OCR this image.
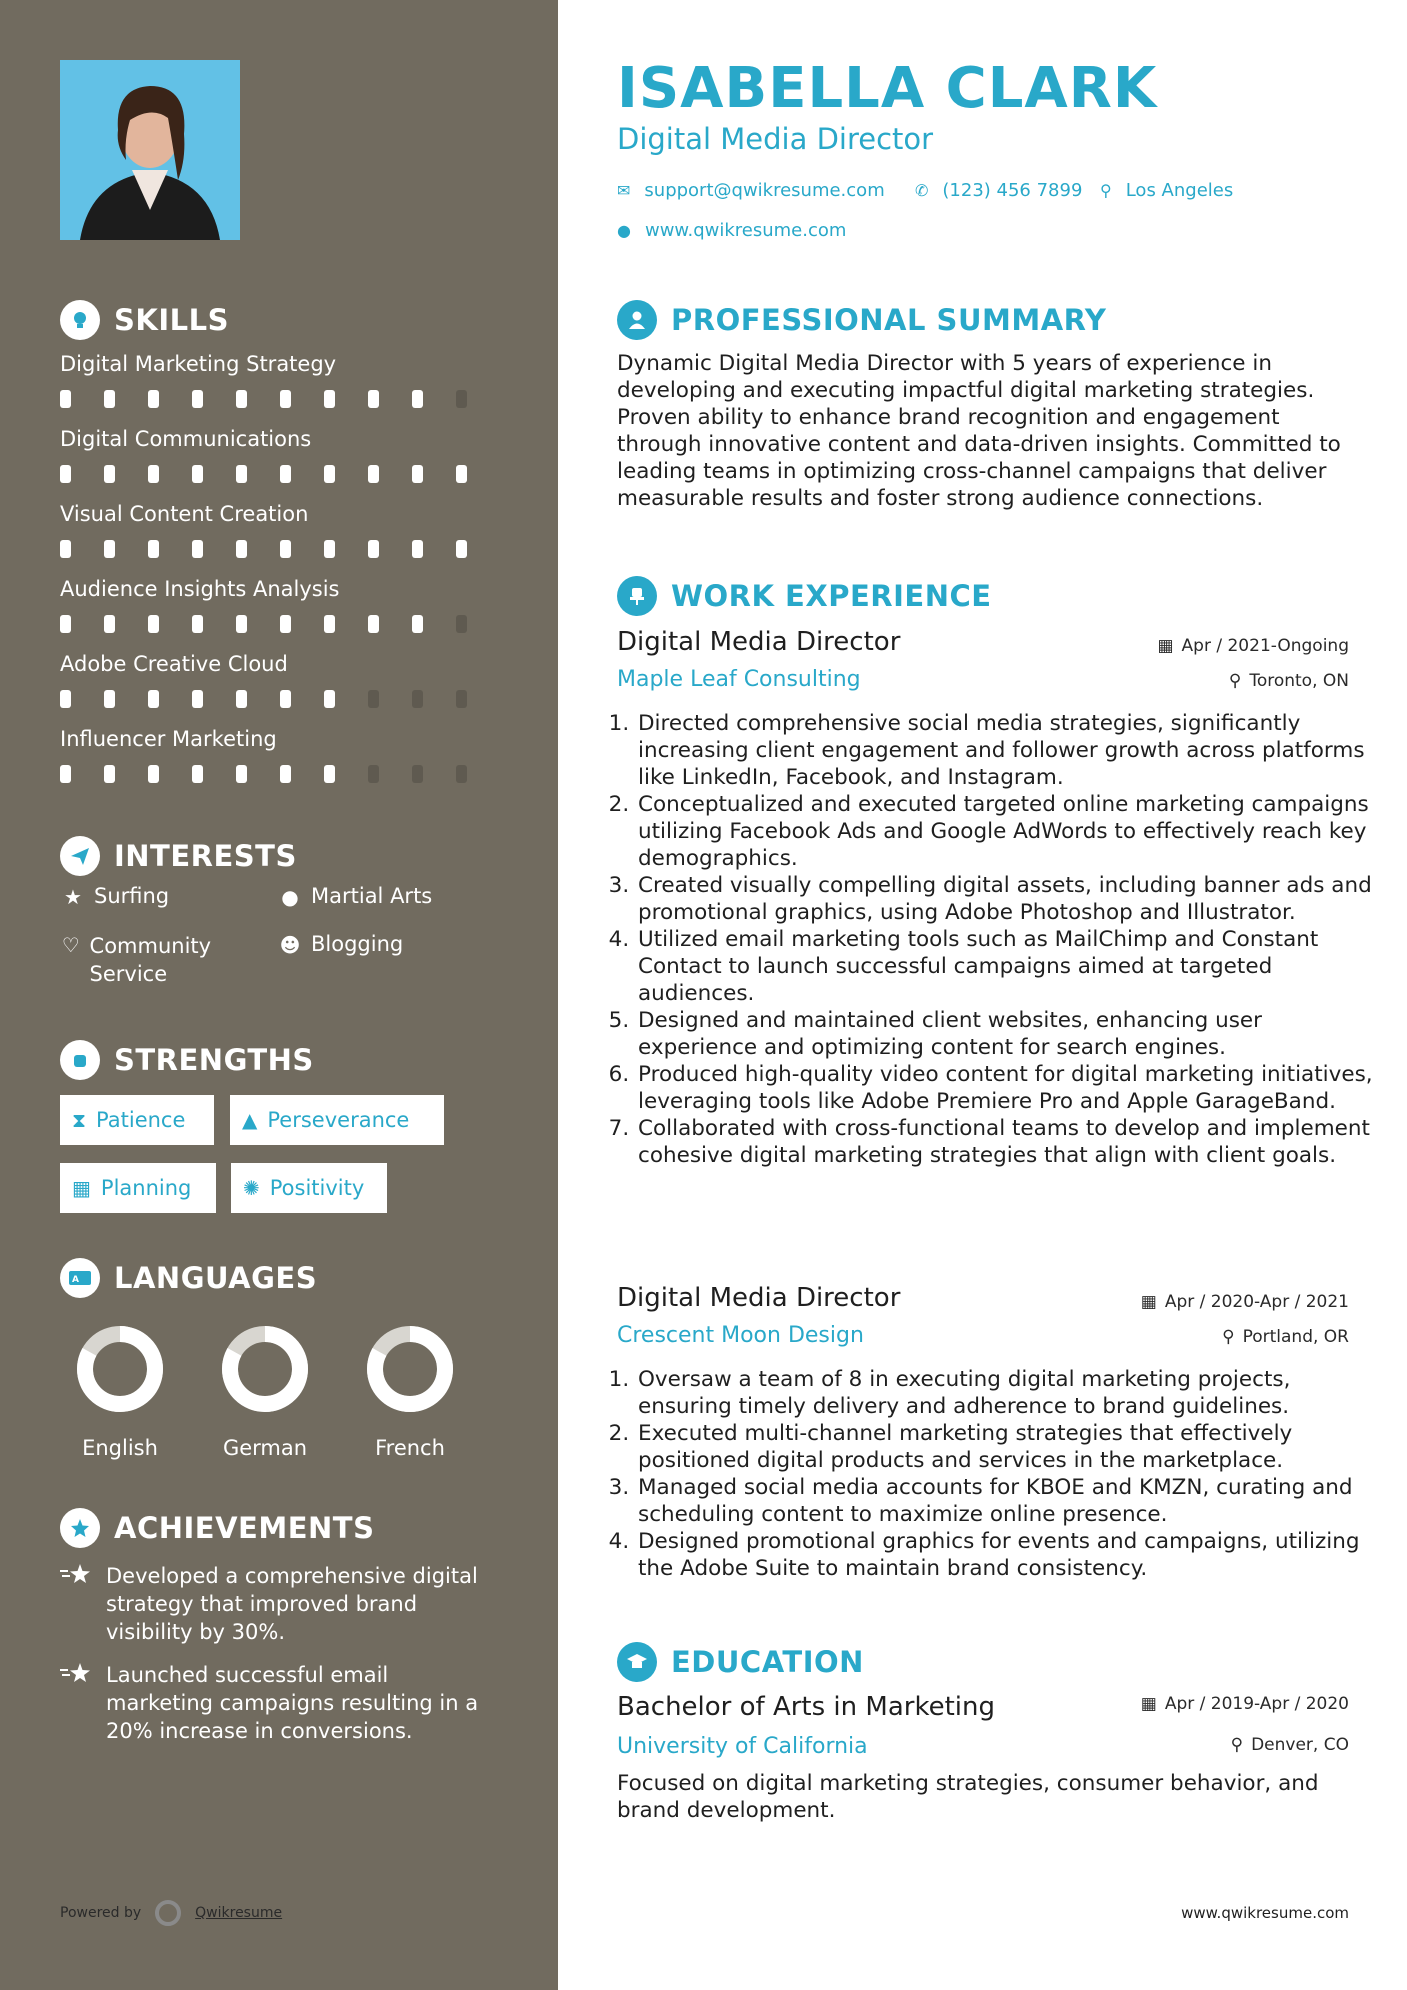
SKILLS
Digital Marketing Strategy
Digital Communications
Visual Content Creation
Audience Insights Analysis
Adobe Creative Cloud
Influencer Marketing
INTERESTS
★ Surfing	● Martial Arts
♡ Community Service
☻ Blogging
STRENGTHS
⧗ Patience	▲ Perseverance
▦ Planning	✺ Positivity
A LANGUAGES
English	German	French
ACHIEVEMENTS
Developed a comprehensive digital strategy that improved brand visibility by 30%.
Launched successful email marketing campaigns resulting in a 20% increase in conversions.
Powered by	Qwikresume
ISABELLA CLARK
Digital Media Director
✉ support@qwikresume.com ✆ (123) 456 7899 ⚲ Los Angeles
● www.qwikresume.com
PROFESSIONAL SUMMARY
Dynamic Digital Media Director with 5 years of experience in developing and executing impactful digital marketing strategies. Proven ability to enhance brand recognition and engagement through innovative content and data-driven insights. Committed to leading teams in optimizing cross-channel campaigns that deliver measurable results and foster strong audience connections.
WORK EXPERIENCE
Digital Media Director	▦ Apr / 2021-Ongoing
Maple Leaf Consulting	⚲ Toronto, ON
1. Directed comprehensive social media strategies, significantly increasing client engagement and follower growth across platforms like LinkedIn, Facebook, and Instagram.
2. Conceptualized and executed targeted online marketing campaigns utilizing Facebook Ads and Google AdWords to effectively reach key demographics.
3. Created visually compelling digital assets, including banner ads and promotional graphics, using Adobe Photoshop and Illustrator.
4. Utilized email marketing tools such as MailChimp and Constant Contact to launch successful campaigns aimed at targeted audiences.
5. Designed and maintained client websites, enhancing user experience and optimizing content for search engines.
6. Produced high-quality video content for digital marketing initiatives, leveraging tools like Adobe Premiere Pro and Apple GarageBand.
7. Collaborated with cross-functional teams to develop and implement cohesive digital marketing strategies that align with client goals.
Digital Media Director	▦ Apr / 2020-Apr / 2021
Crescent Moon Design	⚲ Portland, OR
1. Oversaw a team of 8 in executing digital marketing projects, ensuring timely delivery and adherence to brand guidelines.
2. Executed multi-channel marketing strategies that effectively positioned digital products and services in the marketplace.
3. Managed social media accounts for KBOE and KMZN, curating and scheduling content to maximize online presence.
4. Designed promotional graphics for events and campaigns, utilizing the Adobe Suite to maintain brand consistency.
EDUCATION
Bachelor of Arts in Marketing	▦ Apr / 2019-Apr / 2020
University of California	⚲ Denver, CO
Focused on digital marketing strategies, consumer behavior, and brand development.
www.qwikresume.com
